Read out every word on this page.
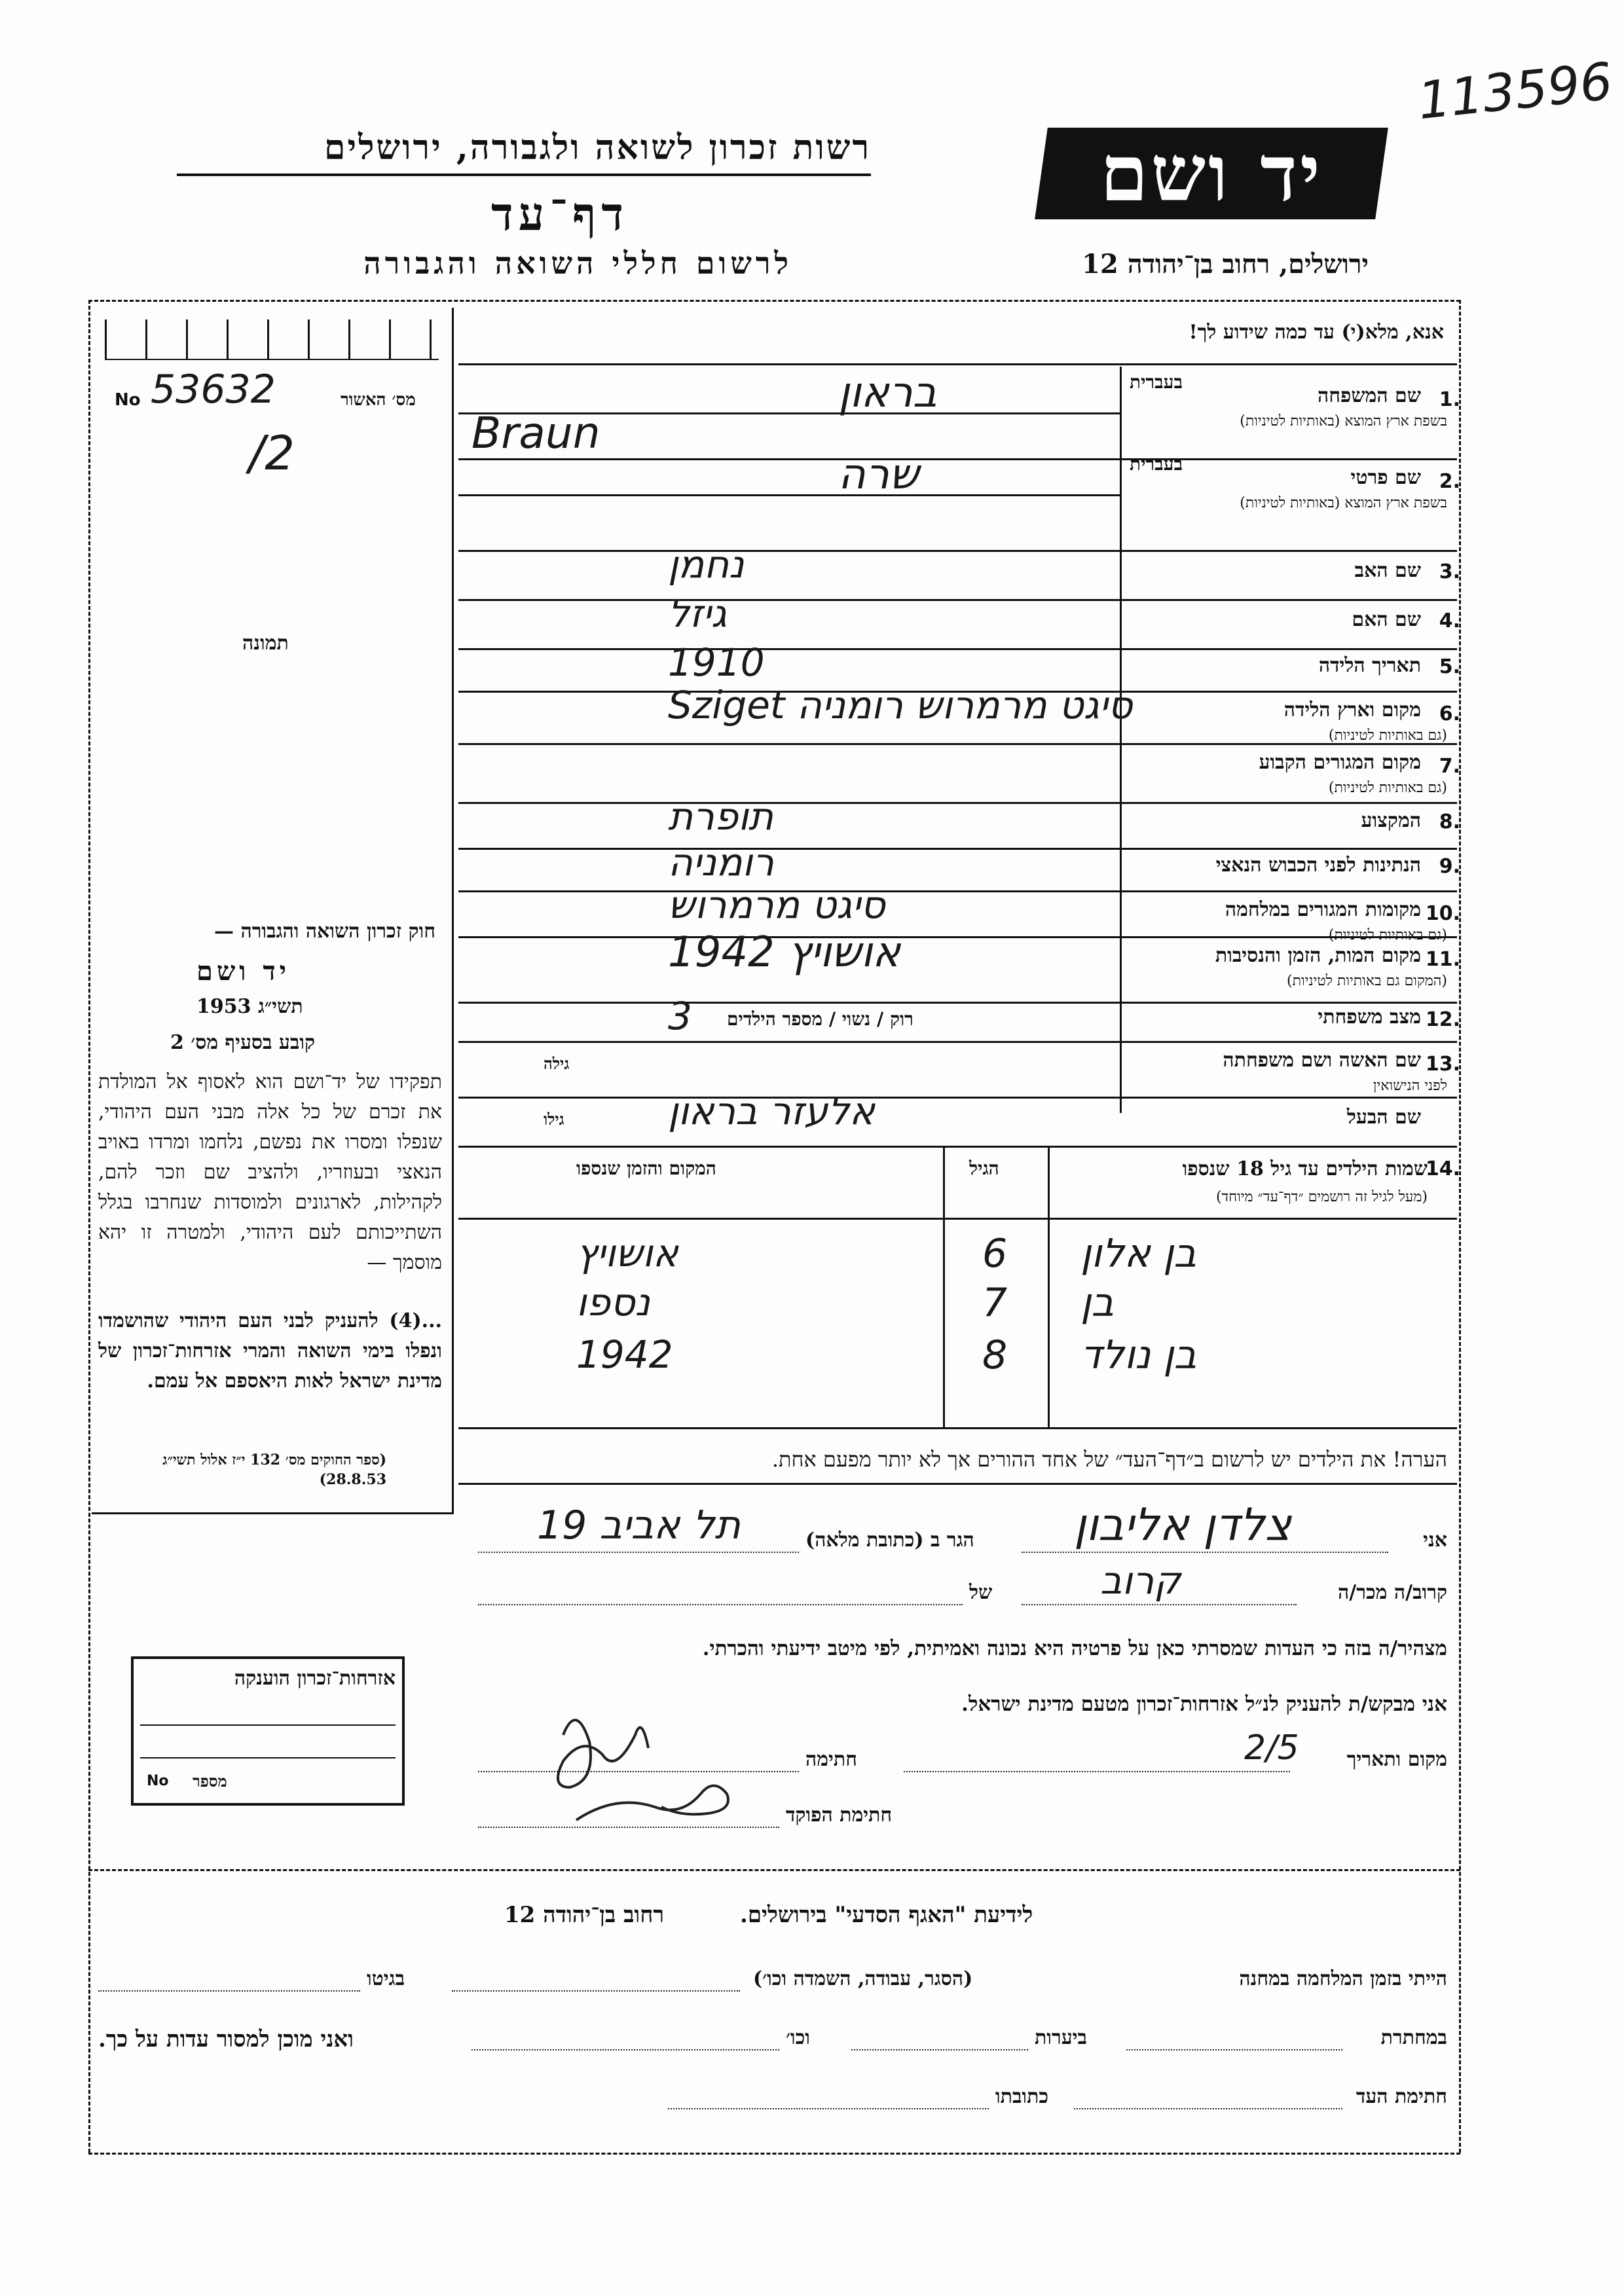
113596
רשות זכרון לשואה ולגבורה, ירושלים
דף־עד
לרשום חללי השואה והגבורה
יד ושם
ירושלים, רחוב בן־יהודה 12
מס׳ האשור
No 53632
/2
תמונה
חוק זכרון השואה והגבורה —
יד ושם
תשי״ג 1953
קובע בסעיף מס׳ 2
תפקידו של יד־ושם הוא לאסוף אל המולדת את זכרם של כל אלה מבני העם היהודי, שנפלו ומסרו את נפשם, נלחמו ומרדו באויב הנאצי ובעוזריו, ולהציב שם וזכר להם, לקהילות, לארגונים ולמוסדות שנחרבו בגלל השתייכותם לעם היהודי, ולמטרה זו יהא מוסמך —
...(4) להעניק לבני העם היהודי שהושמדו ונפלו בימי השואה והמרי אזרחות־זכרון של מדינת ישראל לאות היאספם אל עמם.
(ספר החוקים מס׳ 132 י״ז אלול תשי״ג 28.8.53)
אזרחות־זכרון הוענקה
מספר
No
אנא, מלא(י) עד כמה שידוע לך!
1.
שם המשפחה
בשפת ארץ המוצא (באותיות לטיניות)
בעברית
בראון
Braun
2.
שם פרטי
בשפת ארץ המוצא (באותיות לטיניות)
בעברית
שרה
3.
שם האב
נחמן
4.
שם האם
גיזל
5.
תאריך הלידה
1910
6.
מקום וארץ הלידה
(גם באותיות לטיניות)
סיגט מרמרוש רומניה Sziget
7.
מקום המגורים הקבוע
(גם באותיות לטיניות)
8.
המקצוע
תופרת
9.
הנתינות לפני הכבוש הנאצי
רומניה
10.
מקומות המגורים במלחמה
(גם באותיות לטיניות)
סיגט מרמרוש
11.
מקום המות, הזמן והנסיבות
(המקום גם באותיות לטיניות)
אושויץ 1942
12.
מצב משפחתי
רוק / נשוי / מספר הילדים
3
13.
שם האשה ושם משפחתה
לפני הנישואין
גילה
שם הבעל
גילו	אלעזר בראון
14.
שמות הילדים עד גיל 18 שנספו
(מעל לגיל זה רושמים ״דף־עד״ מיוחד)
הגיל
המקום והזמן שנספו
בן אלון
6
אושויץ
בן
7
נספו
בן נולד
8
1942
הערה! את הילדים יש לרשום ב״דף־העד״ של אחד ההורים אך לא יותר מפעם אחת.
אני
צלדן אליבון
הגר ב (כתובת מלאה)
תל אביב 19
קרוב/ה מכר/ה
קרוב
של
מצהיר/ה בזה כי העדות שמסרתי כאן על פרטיה היא נכונה ואמיתית, לפי מיטב ידיעתי והכרתי.
אני מבקש/ת להעניק לנ״ל אזרחות־זכרון מטעם מדינת ישראל.
מקום ותאריך
2/5
חתימה
חתימת הפוקד
רחוב בן־יהודה 12	לידיעת "האגף הסדעי" בירושלים.
הייתי בזמן המלחמה במחנה
(הסגר, עבודה, השמדה וכו׳)
בגיטו
במחתרת
ביערות
וכו׳
ואני מוכן למסור עדות על כך.
חתימת העד
כתובתו
